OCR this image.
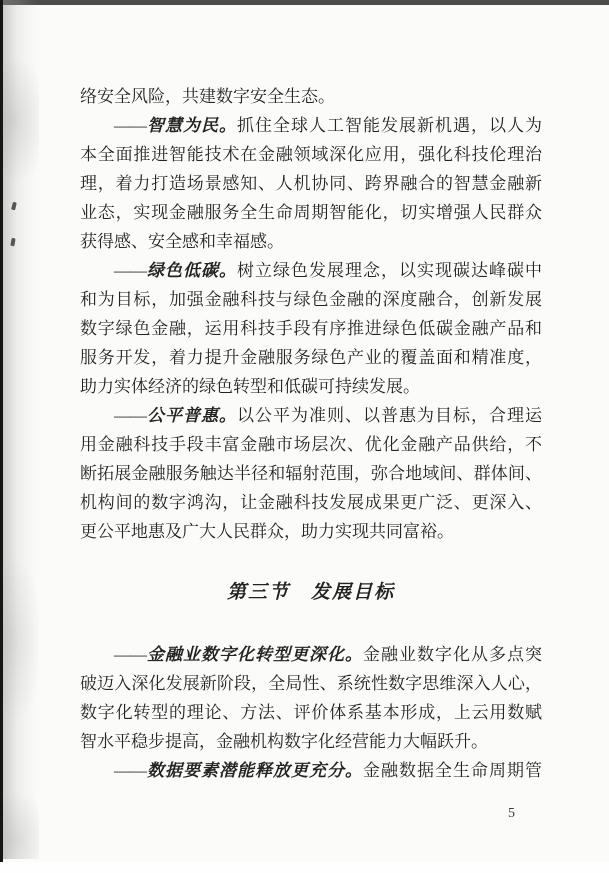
络安全风险，共建数字安全生态。
——智慧为民。抓住全球人工智能发展新机遇，以人为
本全面推进智能技术在金融领域深化应用，强化科技伦理治
理，着力打造场景感知、人机协同、跨界融合的智慧金融新
业态，实现金融服务全生命周期智能化，切实增强人民群众
获得感、安全感和幸福感。
——绿色低碳。树立绿色发展理念，以实现碳达峰碳中
和为目标，加强金融科技与绿色金融的深度融合，创新发展
数字绿色金融，运用科技手段有序推进绿色低碳金融产品和
服务开发，着力提升金融服务绿色产业的覆盖面和精准度，
助力实体经济的绿色转型和低碳可持续发展。
——公平普惠。以公平为准则、以普惠为目标，合理运
用金融科技手段丰富金融市场层次、优化金融产品供给，不
断拓展金融服务触达半径和辐射范围，弥合地域间、群体间、
机构间的数字鸿沟，让金融科技发展成果更广泛、更深入、
更公平地惠及广大人民群众，助力实现共同富裕。
第三节　发展目标
——金融业数字化转型更深化。金融业数字化从多点突
破迈入深化发展新阶段，全局性、系统性数字思维深入人心，
数字化转型的理论、方法、评价体系基本形成，上云用数赋
智水平稳步提高，金融机构数字化经营能力大幅跃升。
——数据要素潜能释放更充分。金融数据全生命周期管
5
